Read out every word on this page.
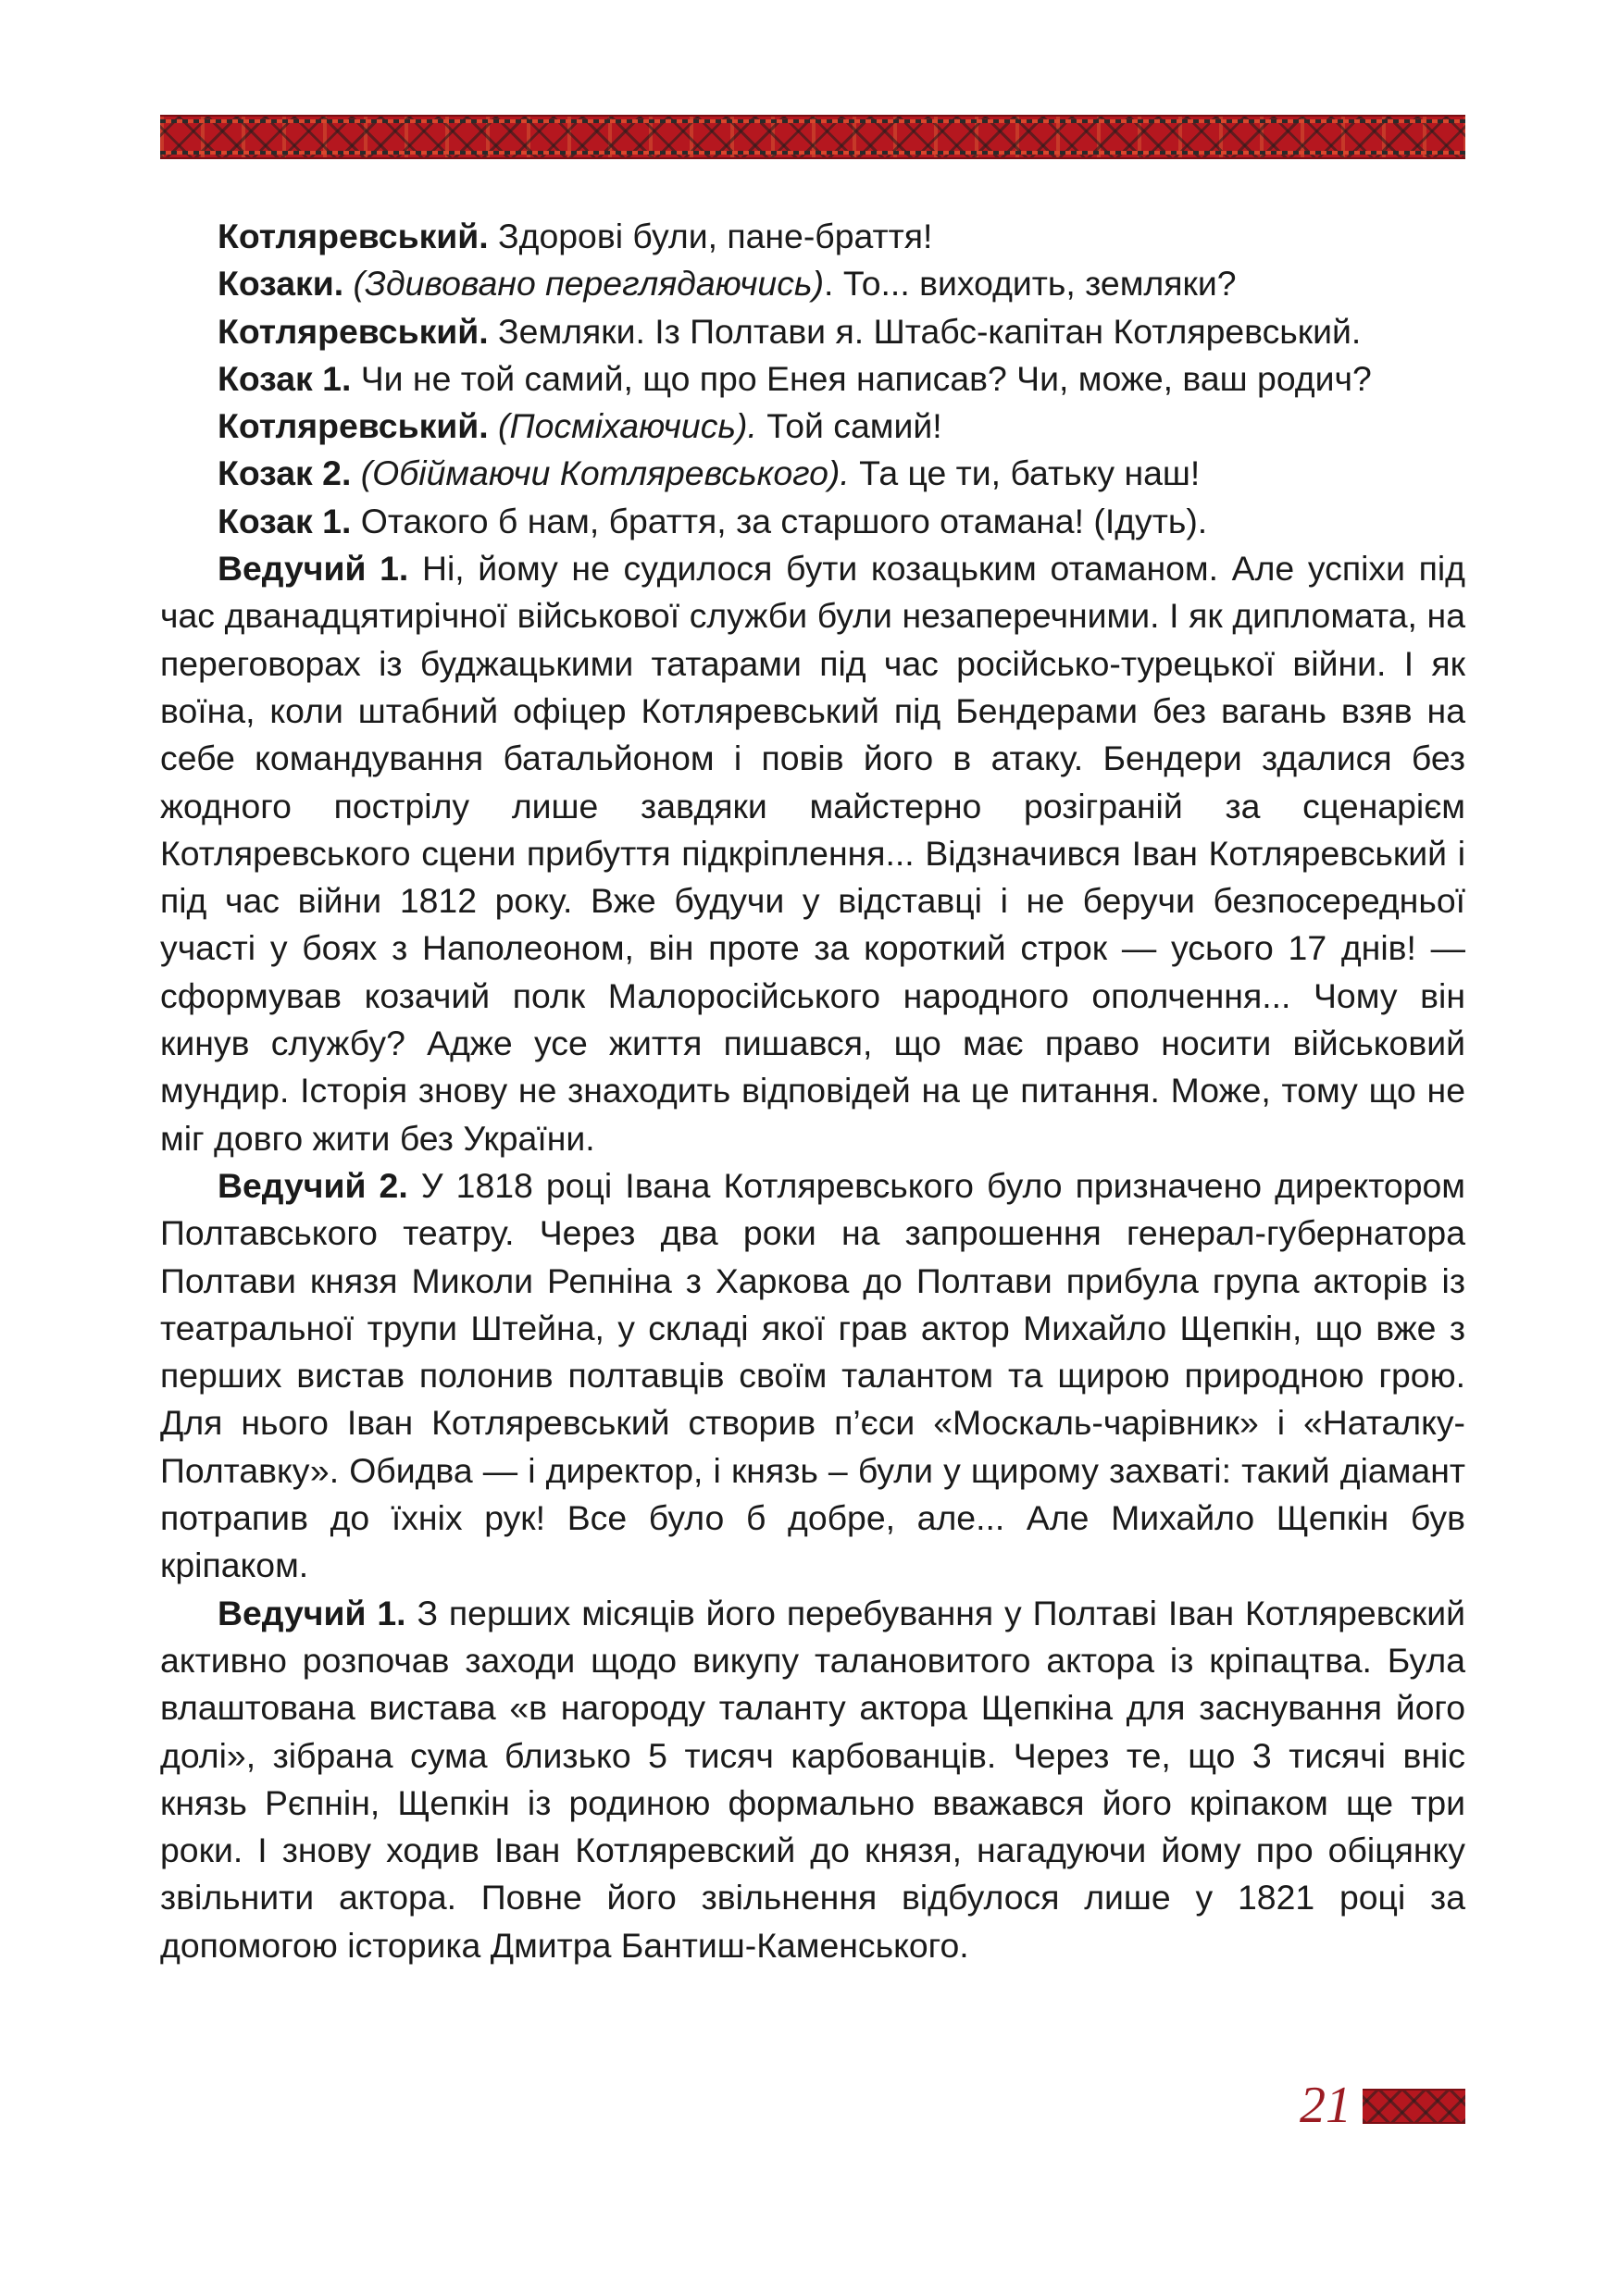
Котляревський. Здорові були, пане-браття!

Козаки. (Здивовано переглядаючись). То... виходить, земляки?

Котляревський. Земляки. Із Полтави я. Штабс-капітан Котляревський.

Козак 1. Чи не той самий, що про Енея написав? Чи, може, ваш родич?

Котляревський. (Посміхаючись). Той самий!

Козак 2. (Обіймаючи Котляревського). Та це ти, батьку наш!

Козак 1. Отакого б нам, браття, за старшого отамана! (Ідуть).

Ведучий 1. Ні, йому не судилося бути козацьким отаманом. Але успіхи під час дванадцятирічної військової служби були незаперечними. І як дипломата, на переговорах із буджацькими татарами під час російсько-турецької війни. І як воїна, коли штабний офіцер Котляревський під Бендерами без вагань взяв на себе командування батальйоном і повів його в атаку. Бендери здалися без жодного пострілу лише завдяки майстерно розіграній за сценарієм Котляревського сцени прибуття підкріплення... Відзначився Іван Котляревський і під час війни 1812 року. Вже будучи у відставці і не беручи безпосередньої участі у боях з Наполеоном, він проте за короткий строк — усього 17 днів! — сформував козачий полк Малоросійського народного ополчення... Чому він кинув службу? Адже усе життя пишався, що має право носити військовий мундир. Історія знову не знаходить відповідей на це питання. Може, тому що не міг довго жити без України.

Ведучий 2. У 1818 році Івана Котляревського було призначено директором Полтавського театру. Через два роки на запрошення генерал-губернатора Полтави князя Миколи Репніна з Харкова до Полтави прибула група акторів із театральної трупи Штейна, у складі якої грав актор Михайло Щепкін, що вже з перших вистав полонив полтавців своїм талантом та щирою природною грою. Для нього Іван Котляревський створив п’єси «Москаль-чарівник» і «Наталку-Полтавку». Обидва — і директор, і князь – були у щирому захваті: такий діамант потрапив до їхніх рук! Все було б добре, але... Але Михайло Щепкін був кріпаком.

Ведучий 1. З перших місяців його перебування у Полтаві Іван Котляревский активно розпочав заходи щодо викупу талановитого актора із кріпацтва. Була влаштована вистава «в нагороду таланту актора Щепкіна для заснування його долі», зібрана сума близько 5 тисяч карбованців. Через те, що 3 тисячі вніс князь Рєпнін, Щепкін із родиною формально вважався його кріпаком ще три роки. І знову ходив Іван Котляревский до князя, нагадуючи йому про обіцянку звільнити актора. Повне його звільнення відбулося лише у 1821 році за допомогою історика Дмитра Бантиш-Каменського.

21
